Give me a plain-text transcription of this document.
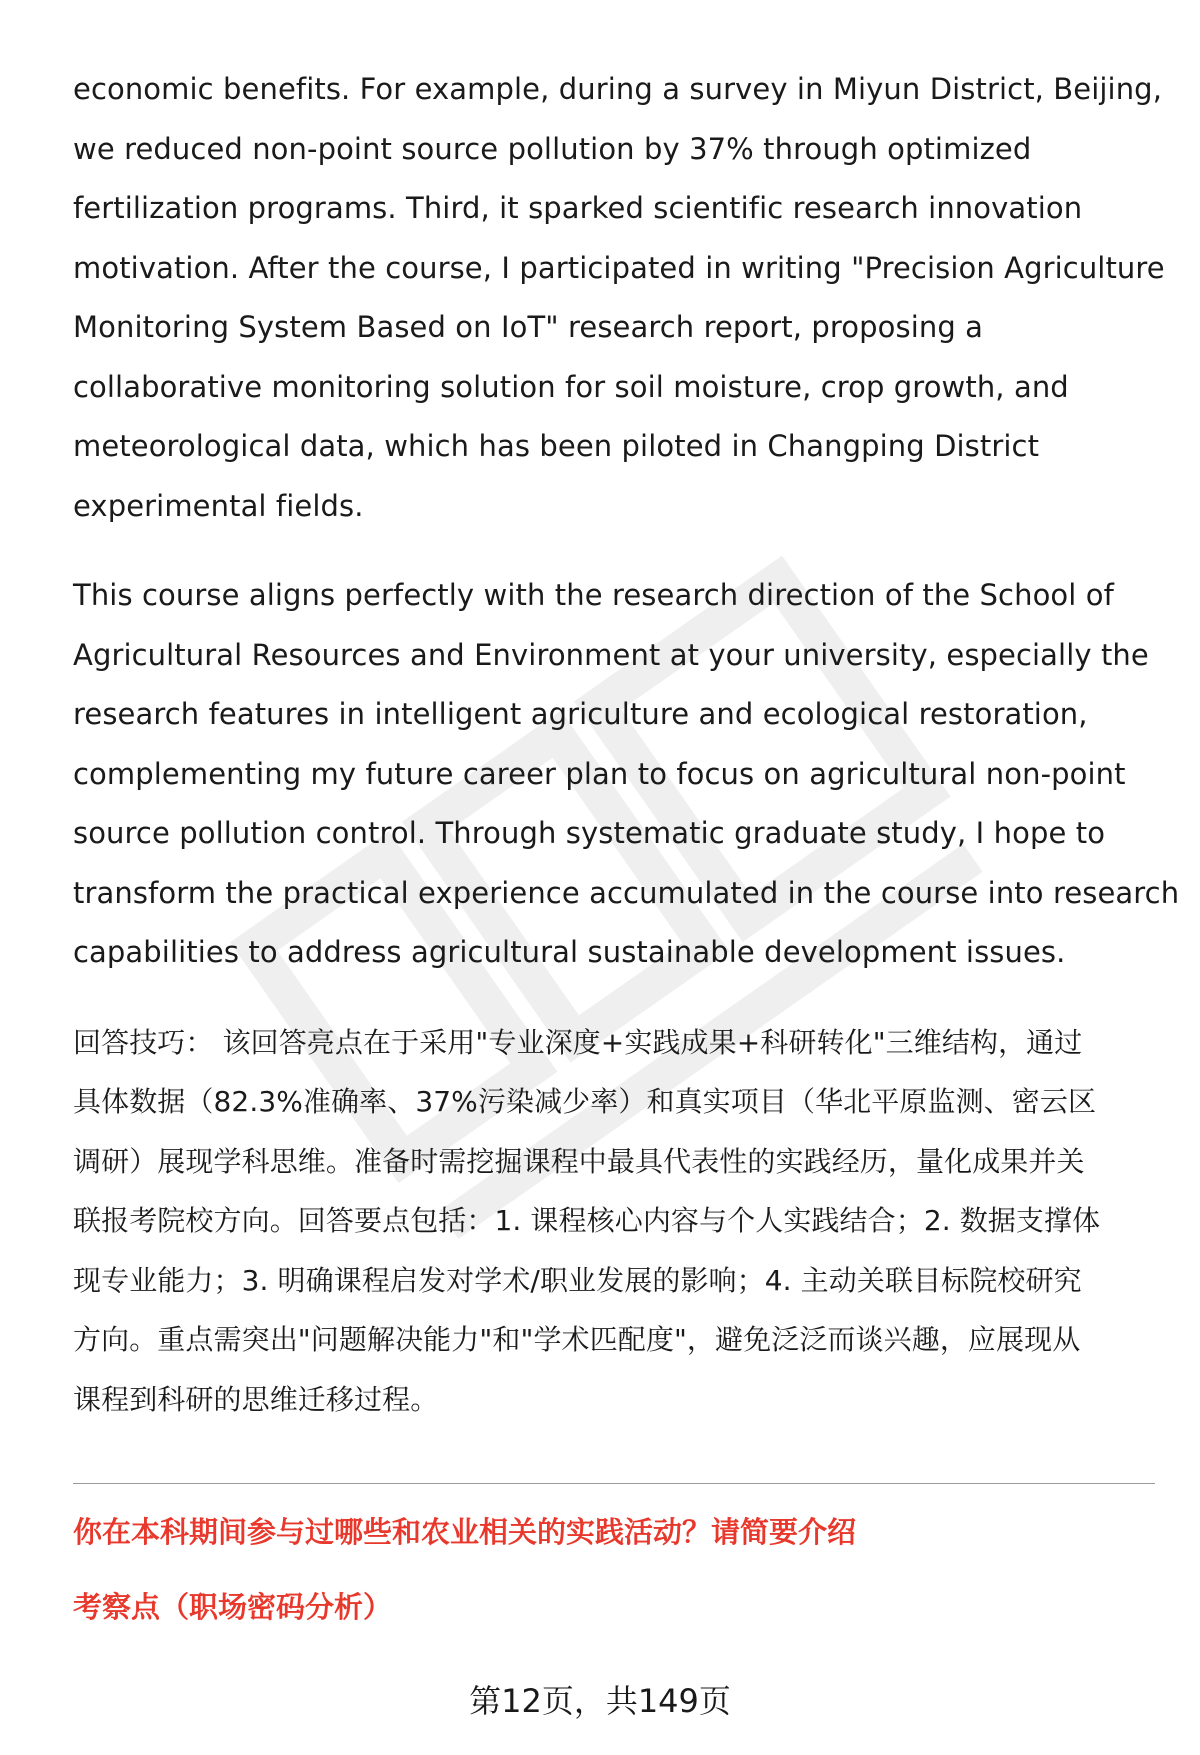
economic benefits. For example, during a survey in Miyun District, Beijing,
we reduced non-point source pollution by 37% through optimized
fertilization programs. Third, it sparked scientific research innovation
motivation. After the course, I participated in writing "Precision Agriculture
Monitoring System Based on IoT" research report, proposing a
collaborative monitoring solution for soil moisture, crop growth, and
meteorological data, which has been piloted in Changping District
experimental fields.

This course aligns perfectly with the research direction of the School of
Agricultural Resources and Environment at your university, especially the
research features in intelligent agriculture and ecological restoration,
complementing my future career plan to focus on agricultural non-point
source pollution control. Through systematic graduate study, I hope to
transform the practical experience accumulated in the course into research
capabilities to address agricultural sustainable development issues.

回答技巧： 该回答亮点在于采用"专业深度+实践成果+科研转化"三维结构，通过
具体数据（82.3%准确率、37%污染减少率）和真实项目（华北平原监测、密云区
调研）展现学科思维。准备时需挖掘课程中最具代表性的实践经历，量化成果并关
联报考院校方向。回答要点包括：1. 课程核心内容与个人实践结合；2. 数据支撑体
现专业能力；3. 明确课程启发对学术/职业发展的影响；4. 主动关联目标院校研究
方向。重点需突出"问题解决能力"和"学术匹配度"，避免泛泛而谈兴趣，应展现从
课程到科研的思维迁移过程。

你在本科期间参与过哪些和农业相关的实践活动？请简要介绍
考察点（职场密码分析）
第12页，共149页
